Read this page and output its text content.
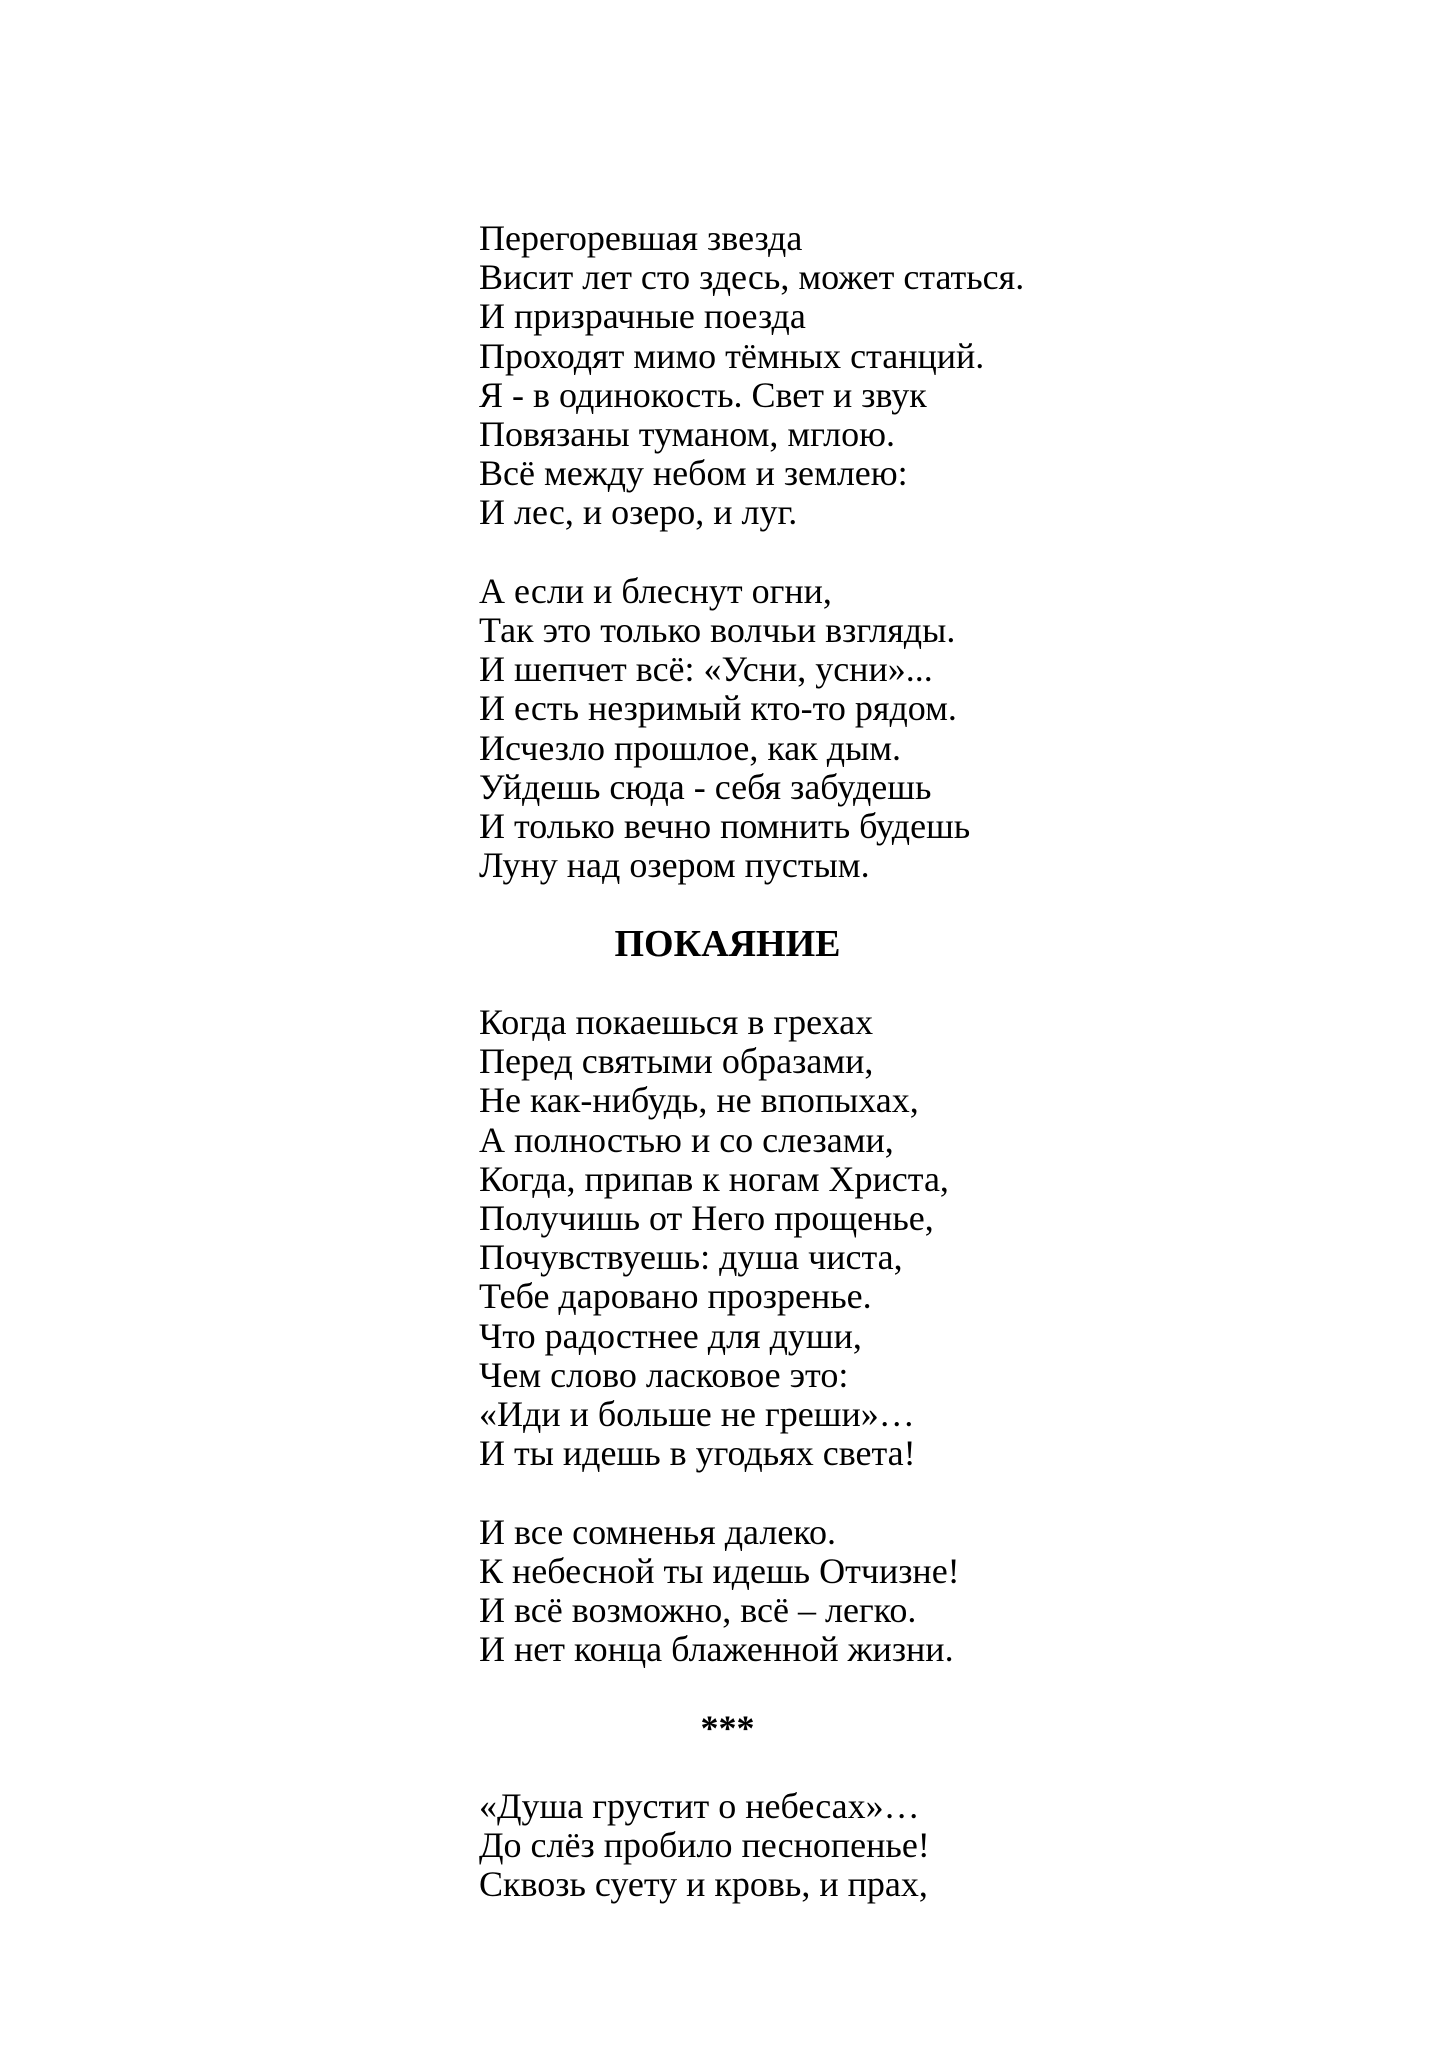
Перегоревшая звезда
Висит лет сто здесь, может статься.
И призрачные поезда
Проходят мимо тёмных станций.
Я - в одинокость. Свет и звук
Повязаны туманом, мглою.
Всё между небом и землею:
И лес, и озеро, и луг.
А если и блеснут огни,
Так это только волчьи взгляды.
И шепчет всё: «Усни, усни»...
И есть незримый кто-то рядом.
Исчезло прошлое, как дым.
Уйдешь сюда - себя забудешь
И только вечно помнить будешь
Луну над озером пустым.
ПОКАЯНИЕ
Когда покаешься в грехах
Перед святыми образами,
Не как-нибудь, не впопыхах,
А полностью и со слезами,
Когда, припав к ногам Христа,
Получишь от Него прощенье,
Почувствуешь: душа чиста,
Тебе даровано прозренье.
Что радостнее для души,
Чем слово ласковое это:
«Иди и больше не греши»…
И ты идешь в угодьях света!
И все сомненья далеко.
К небесной ты идешь Отчизне!
И всё возможно, всё – легко.
И нет конца блаженной жизни.
***
«Душа грустит о небесах»…
До слёз пробило песнопенье!
Сквозь суету и кровь, и прах,
